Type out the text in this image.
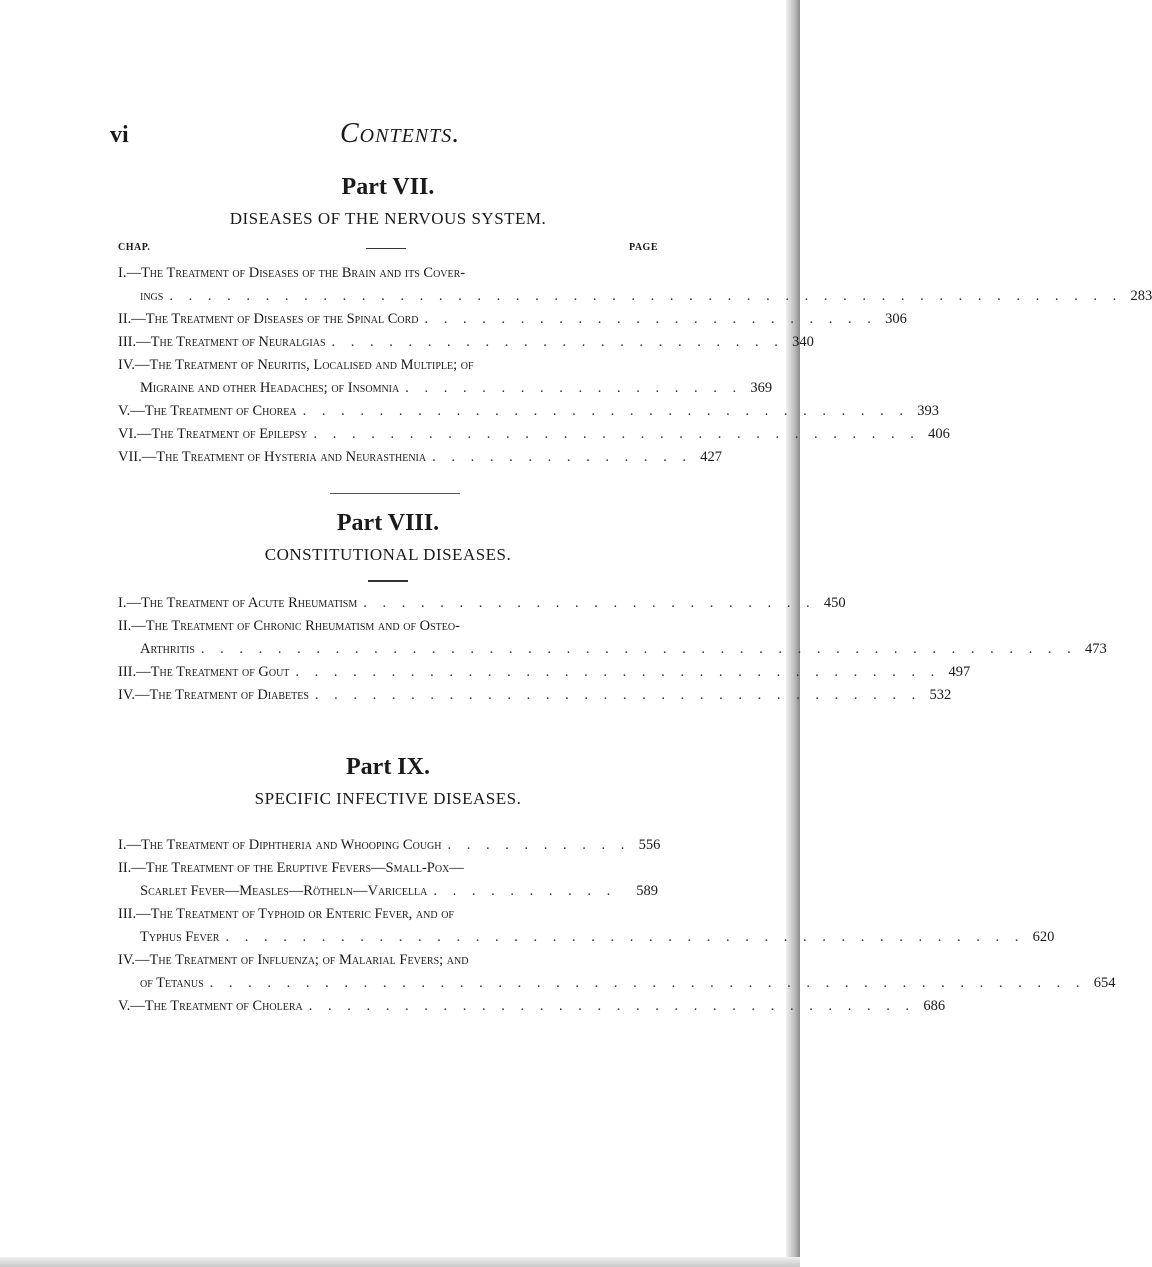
vi	Contents.

Part VII.

DISEASES OF THE NERVOUS SYSTEM.

CHAP.	PAGE
I.—The Treatment of Diseases of the Brain and its Cover-
ings . . . . . . . . . . . . . . . . . . . . . . . . . . . . . . . . . . . . . . . . . . . . . . . . . . 283
II.—The Treatment of Diseases of the Spinal Cord . . . . . . . . . . . . . . . . . . . . . . . . 306
III.—The Treatment of Neuralgias . . . . . . . . . . . . . . . . . . . . . . . . 340
IV.—The Treatment of Neuritis, Localised and Multiple; of
Migraine and other Headaches; of Insomnia . . . . . . . . . . . . . . . . . . 369
V.—The Treatment of Chorea . . . . . . . . . . . . . . . . . . . . . . . . . . . . . . . . 393
VI.—The Treatment of Epilepsy . . . . . . . . . . . . . . . . . . . . . . . . . . . . . . . . 406
VII.—The Treatment of Hysteria and Neurasthenia . . . . . . . . . . . . . . 427

Part VIII.

CONSTITUTIONAL DISEASES.

I.—The Treatment of Acute Rheumatism . . . . . . . . . . . . . . . . . . . . . . . . 450
II.—The Treatment of Chronic Rheumatism and of Osteo-
Arthritis . . . . . . . . . . . . . . . . . . . . . . . . . . . . . . . . . . . . . . . . . . . . . . 473
III.—The Treatment of Gout . . . . . . . . . . . . . . . . . . . . . . . . . . . . . . . . . . 497
IV.—The Treatment of Diabetes . . . . . . . . . . . . . . . . . . . . . . . . . . . . . . . . 532

Part IX.

SPECIFIC INFECTIVE DISEASES.

I.—The Treatment of Diphtheria and Whooping Cough . . . . . . . . . . 556
II.—The Treatment of the Eruptive Fevers—Small-Pox—
Scarlet Fever—Measles—Rötheln—Varicella . . . . . . . . . .	589
III.—The Treatment of Typhoid or Enteric Fever, and of
Typhus Fever . . . . . . . . . . . . . . . . . . . . . . . . . . . . . . . . . . . . . . . . . . 620
IV.—The Treatment of Influenza; of Malarial Fevers; and
of Tetanus . . . . . . . . . . . . . . . . . . . . . . . . . . . . . . . . . . . . . . . . . . . . . . 654
V.—The Treatment of Cholera . . . . . . . . . . . . . . . . . . . . . . . . . . . . . . . . 686
